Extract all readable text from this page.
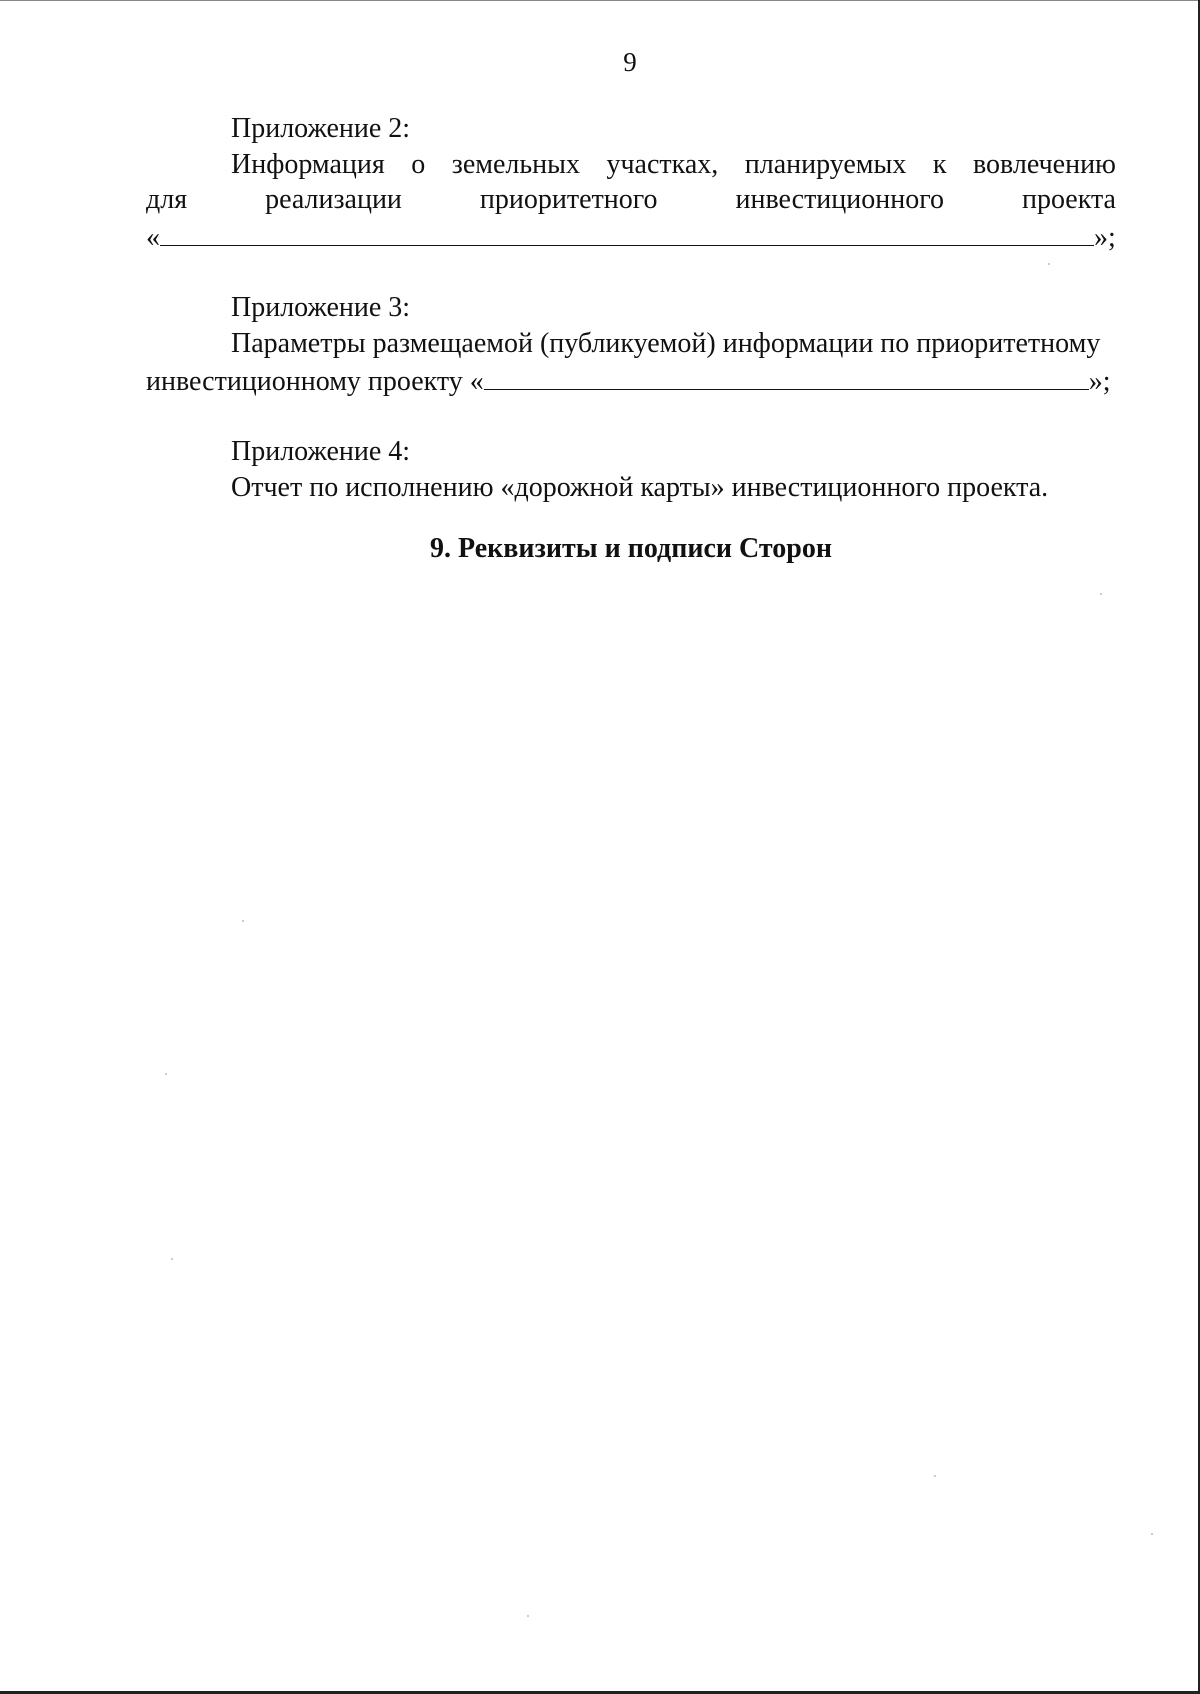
9
Приложение 2:
Информация о земельных участках, планируемых к вовлечению
для	реализации	приоритетного	инвестиционного	проекта
«	»;
Приложение 3:
Параметры размещаемой (публикуемой) информации по приоритетному
инвестиционному проекту «	»;
Приложение 4:
Отчет по исполнению «дорожной карты» инвестиционного проекта.
9. Реквизиты и подписи Сторон
